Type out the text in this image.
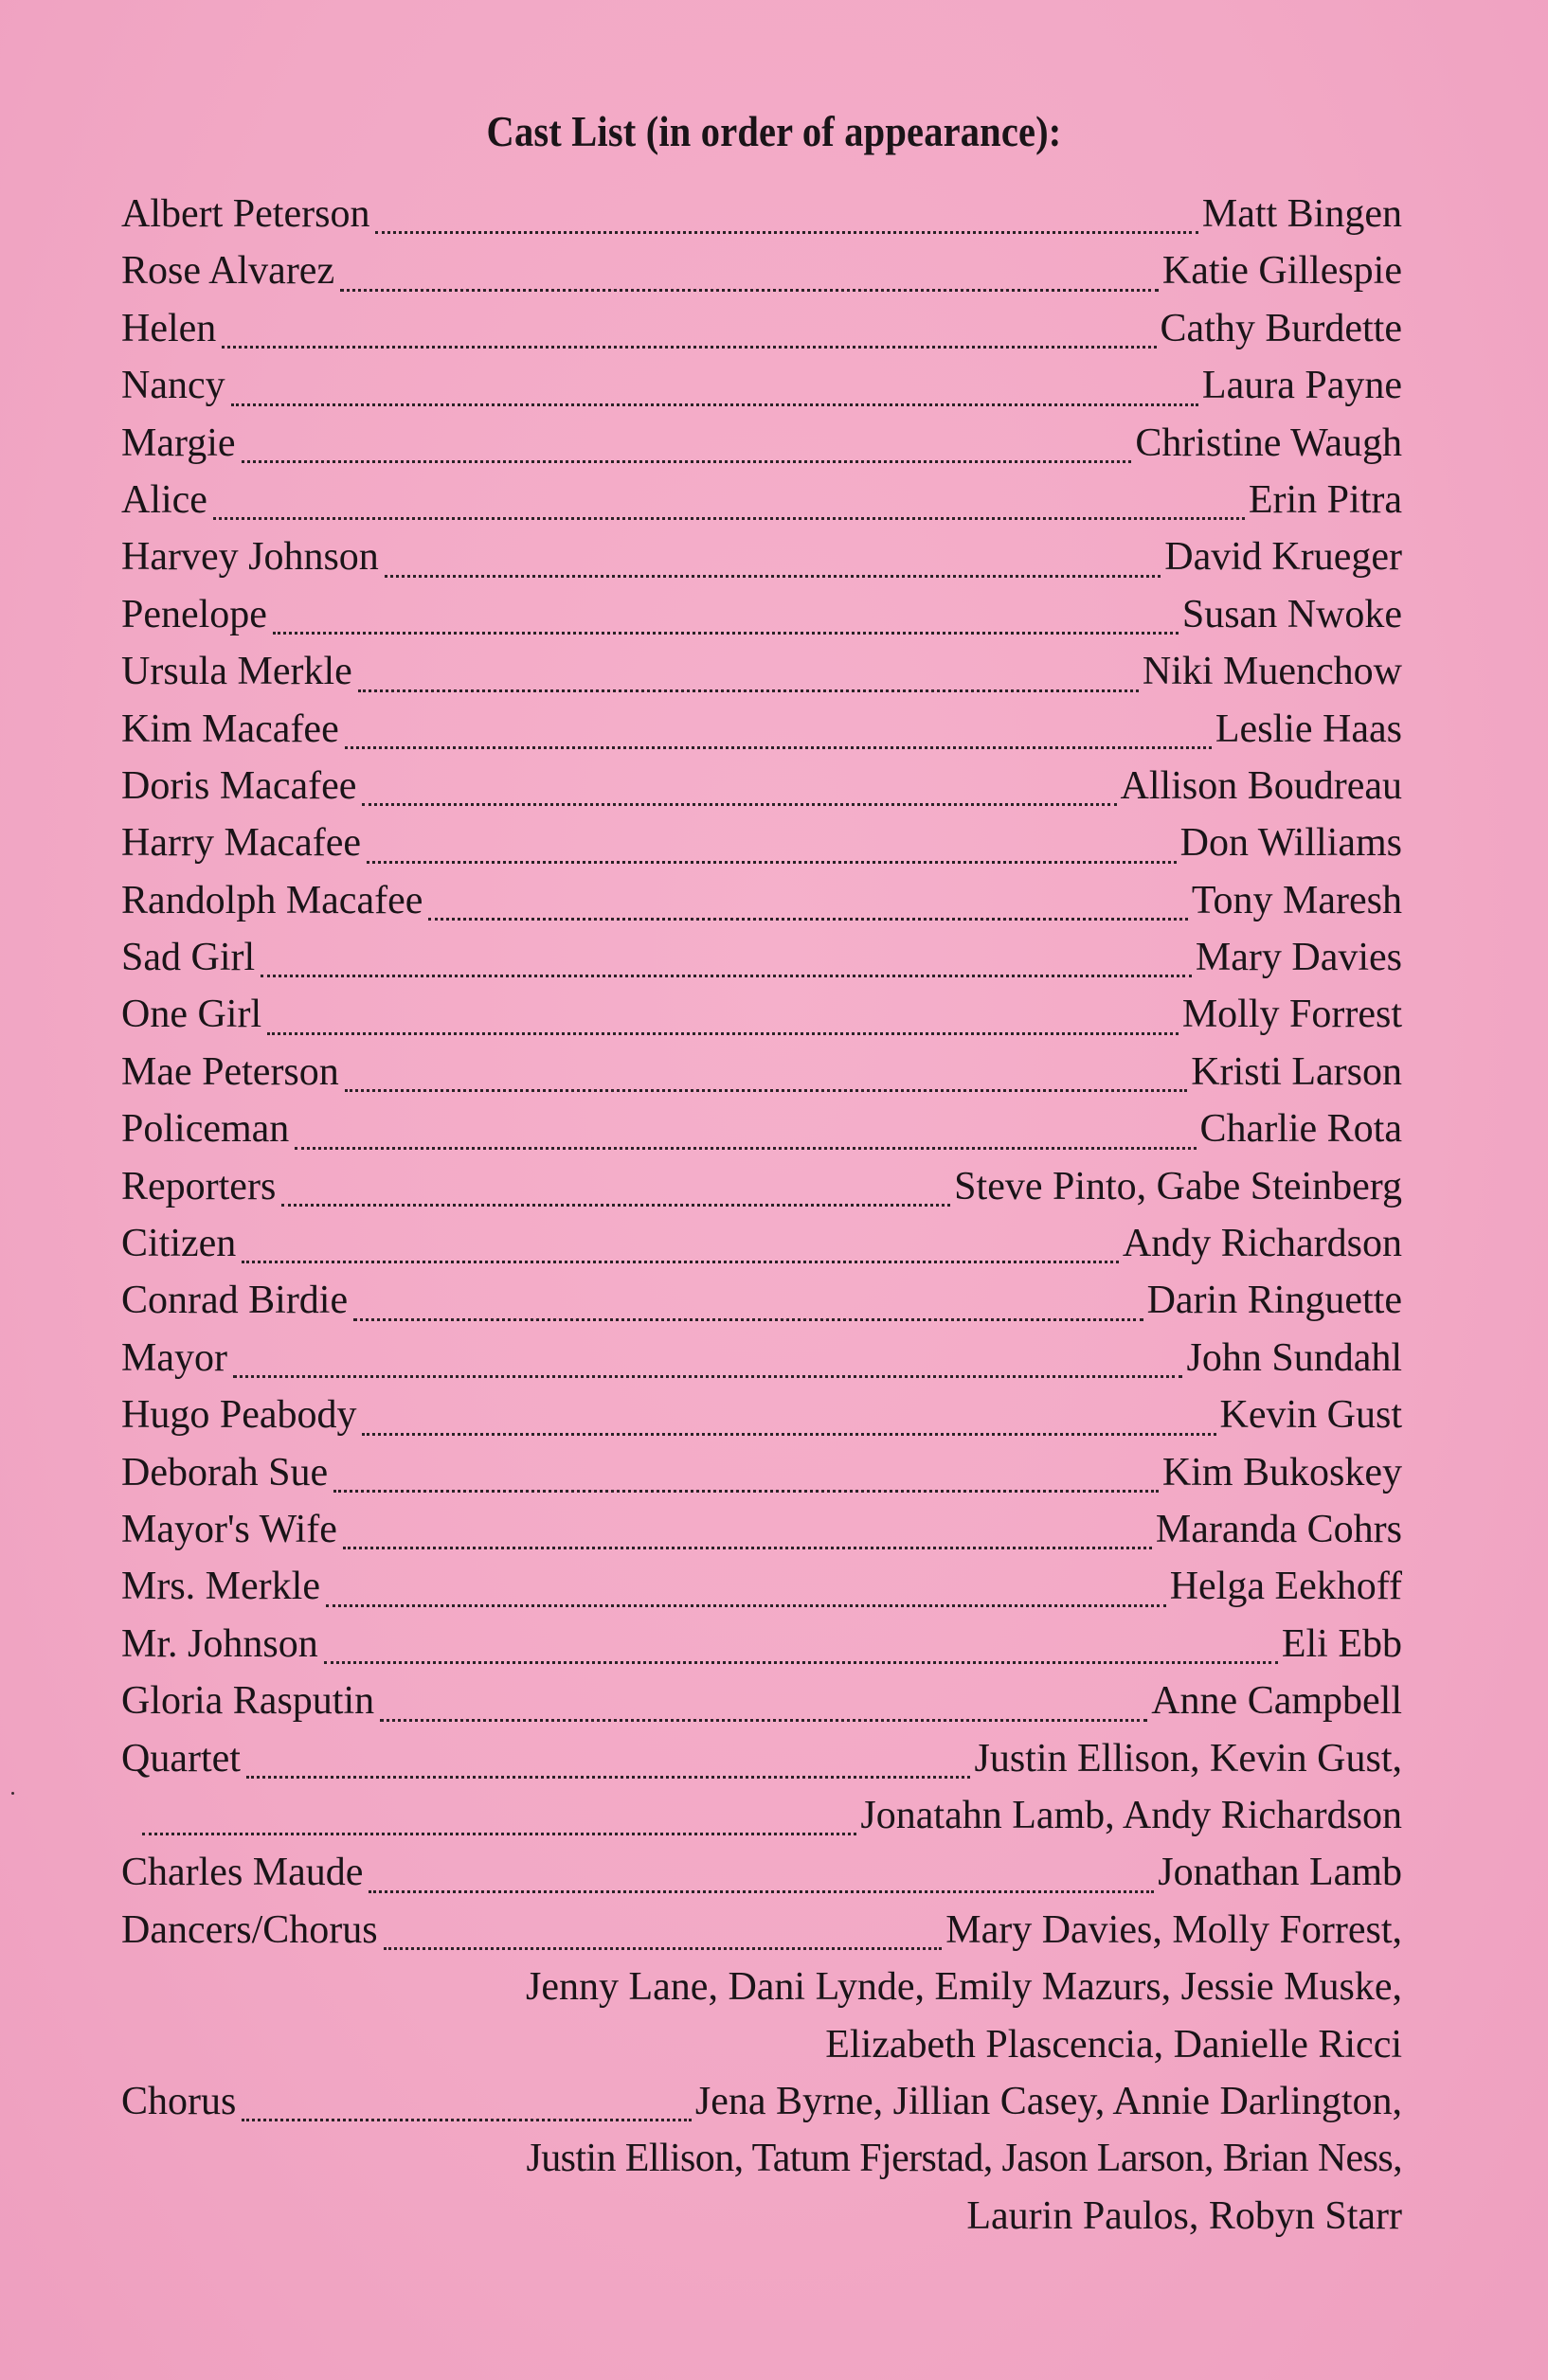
Cast List (in order of appearance):
Albert Peterson	Matt Bingen
Rose Alvarez	Katie Gillespie
Helen	Cathy Burdette
Nancy	Laura Payne
Margie	Christine Waugh
Alice	Erin Pitra
Harvey Johnson	David Krueger
Penelope	Susan Nwoke
Ursula Merkle	Niki Muenchow
Kim Macafee	Leslie Haas
Doris Macafee	Allison Boudreau
Harry Macafee	Don Williams
Randolph Macafee	Tony Maresh
Sad Girl	Mary Davies
One Girl	Molly Forrest
Mae Peterson	Kristi Larson
Policeman	Charlie Rota
Reporters	Steve Pinto, Gabe Steinberg
Citizen	Andy Richardson
Conrad Birdie	Darin Ringuette
Mayor	John Sundahl
Hugo Peabody	Kevin Gust
Deborah Sue	Kim Bukoskey
Mayor's Wife	Maranda Cohrs
Mrs. Merkle	Helga Eekhoff
Mr. Johnson	Eli Ebb
Gloria Rasputin	Anne Campbell
Quartet	Justin Ellison, Kevin Gust,
Jonatahn Lamb, Andy Richardson
Charles Maude	Jonathan Lamb
Dancers/Chorus	Mary Davies, Molly Forrest,
Jenny Lane, Dani Lynde, Emily Mazurs, Jessie Muske,
Elizabeth Plascencia, Danielle Ricci
Chorus	Jena Byrne, Jillian Casey, Annie Darlington,
Justin Ellison, Tatum Fjerstad, Jason Larson, Brian Ness,
Laurin Paulos, Robyn Starr
